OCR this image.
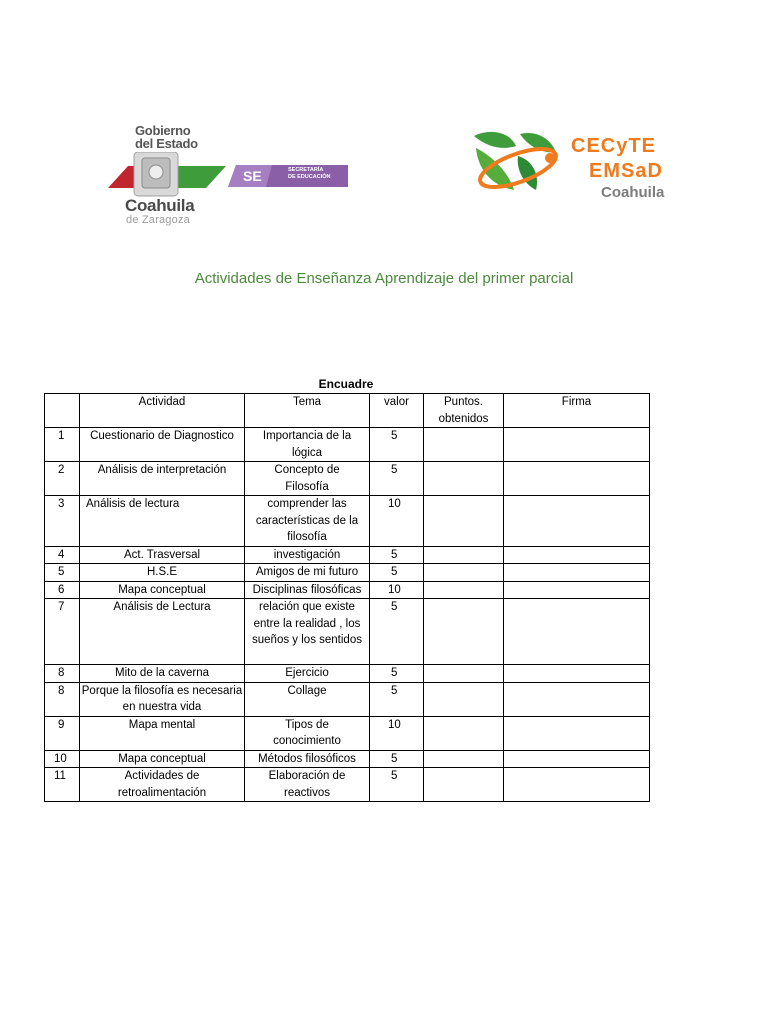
Gobierno
del Estado
Coahuila
de Zaragoza
SE	SECRETARÍA
DE EDUCACIÓN
CECyTE
EMSaD
Coahuila
Actividades de Enseñanza Aprendizaje del primer parcial
Encuadre
	Actividad	Tema	valor	Puntos. obtenidos	Firma
1	Cuestionario de Diagnostico	Importancia de la lógica	5		
2	Análisis de interpretación	Concepto de Filosofía	5		
3	Análisis de lectura	comprender las características de la filosofía	10		
4	Act. Trasversal	investigación	5		
5	H.S.E	Amigos de mi futuro	5		
6	Mapa conceptual	Disciplinas filosóficas	10		
7	Análisis de Lectura	relación que existe entre la realidad , los sueños y los sentidos	5		
8	Mito de la caverna	Ejercicio	5		
8	Porque la filosofía es necesaria en nuestra vida	Collage	5		
9	Mapa mental	Tipos de conocimiento	10		
10	Mapa conceptual	Métodos filosóficos	5		
11	Actividades de retroalimentación	Elaboración de reactivos	5		
